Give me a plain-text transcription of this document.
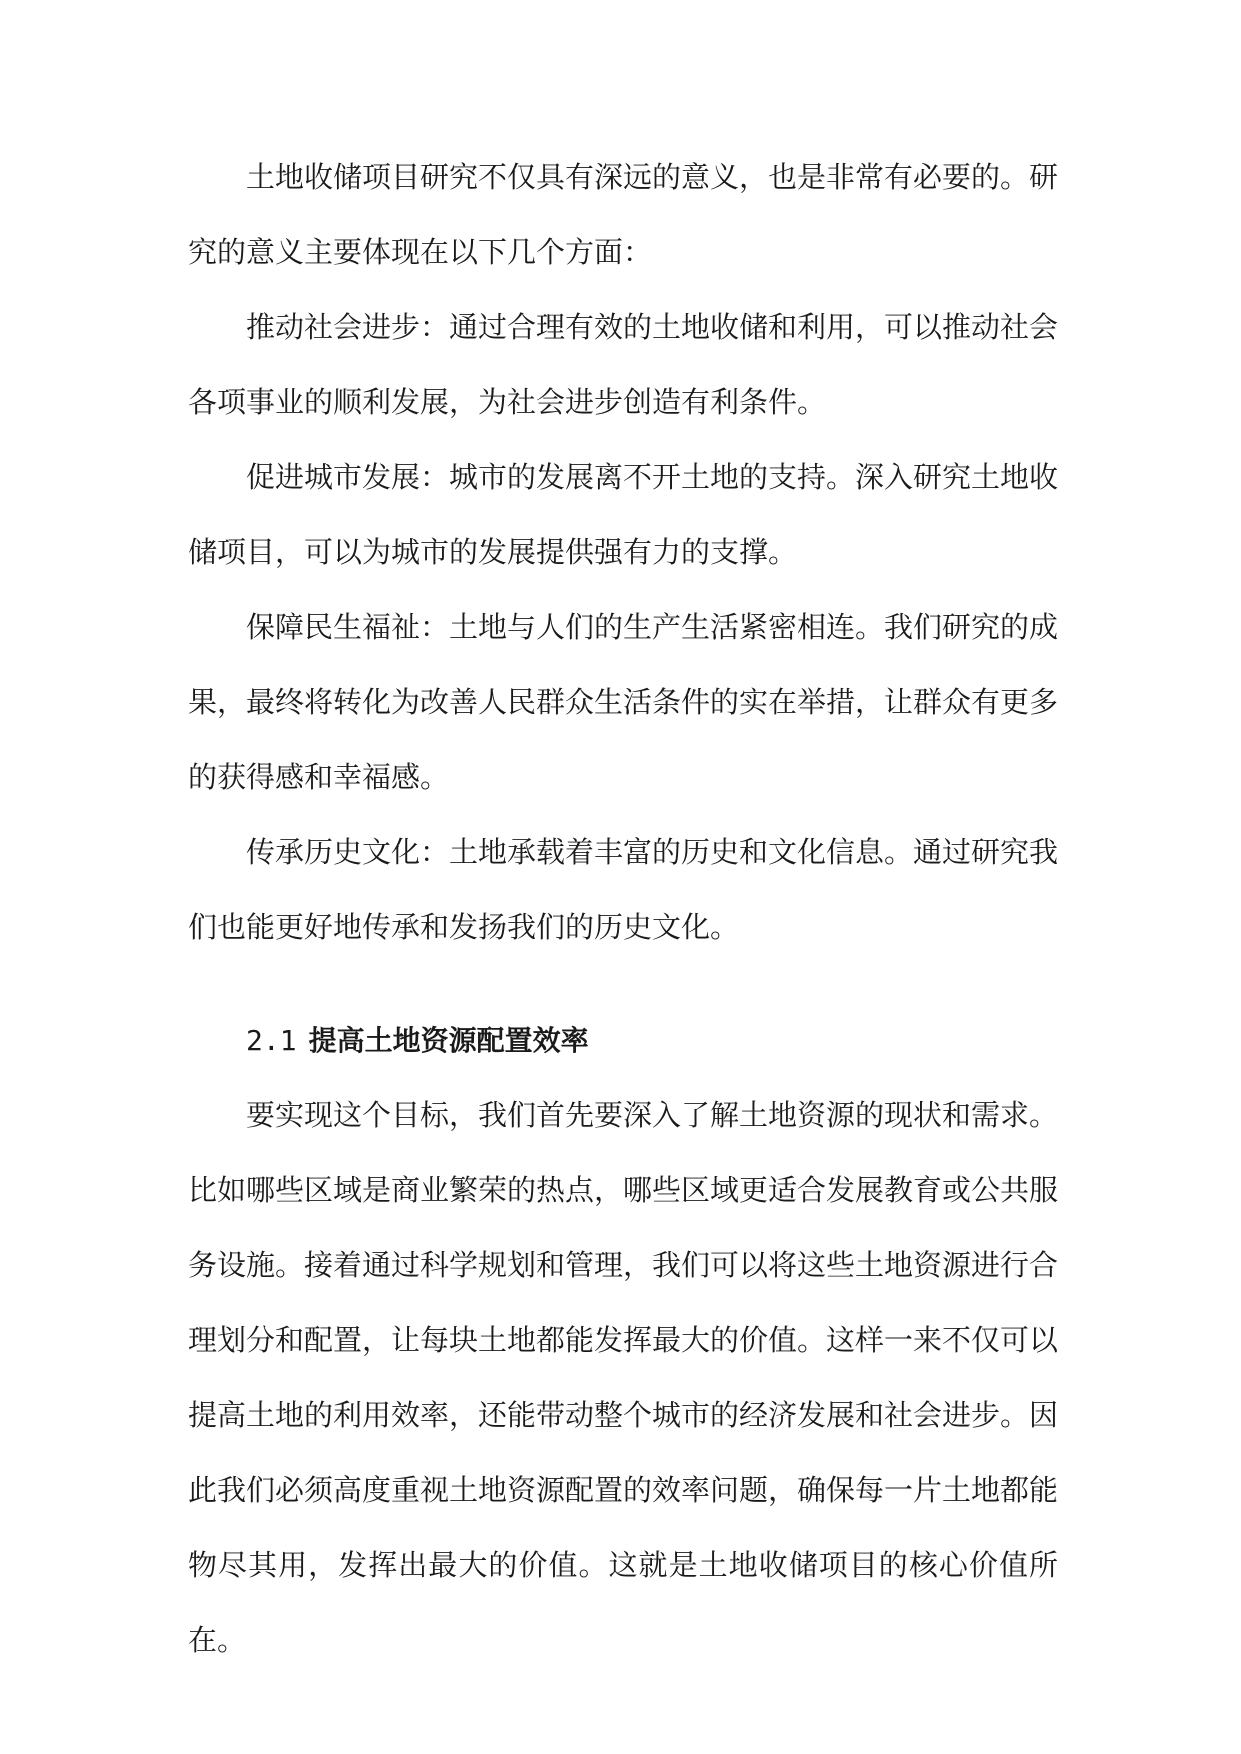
土地收储项目研究不仅具有深远的意义，也是非常有必要的。研究的意义主要体现在以下几个方面：

推动社会进步：通过合理有效的土地收储和利用，可以推动社会各项事业的顺利发展，为社会进步创造有利条件。

促进城市发展：城市的发展离不开土地的支持。深入研究土地收储项目，可以为城市的发展提供强有力的支撑。

保障民生福祉：土地与人们的生产生活紧密相连。我们研究的成果，最终将转化为改善人民群众生活条件的实在举措，让群众有更多的获得感和幸福感。

传承历史文化：土地承载着丰富的历史和文化信息。通过研究我们也能更好地传承和发扬我们的历史文化。

2.1 提高土地资源配置效率

要实现这个目标，我们首先要深入了解土地资源的现状和需求。比如哪些区域是商业繁荣的热点，哪些区域更适合发展教育或公共服务设施。接着通过科学规划和管理，我们可以将这些土地资源进行合理划分和配置，让每块土地都能发挥最大的价值。这样一来不仅可以提高土地的利用效率，还能带动整个城市的经济发展和社会进步。因此我们必须高度重视土地资源配置的效率问题，确保每一片土地都能物尽其用，发挥出最大的价值。这就是土地收储项目的核心价值所在。
